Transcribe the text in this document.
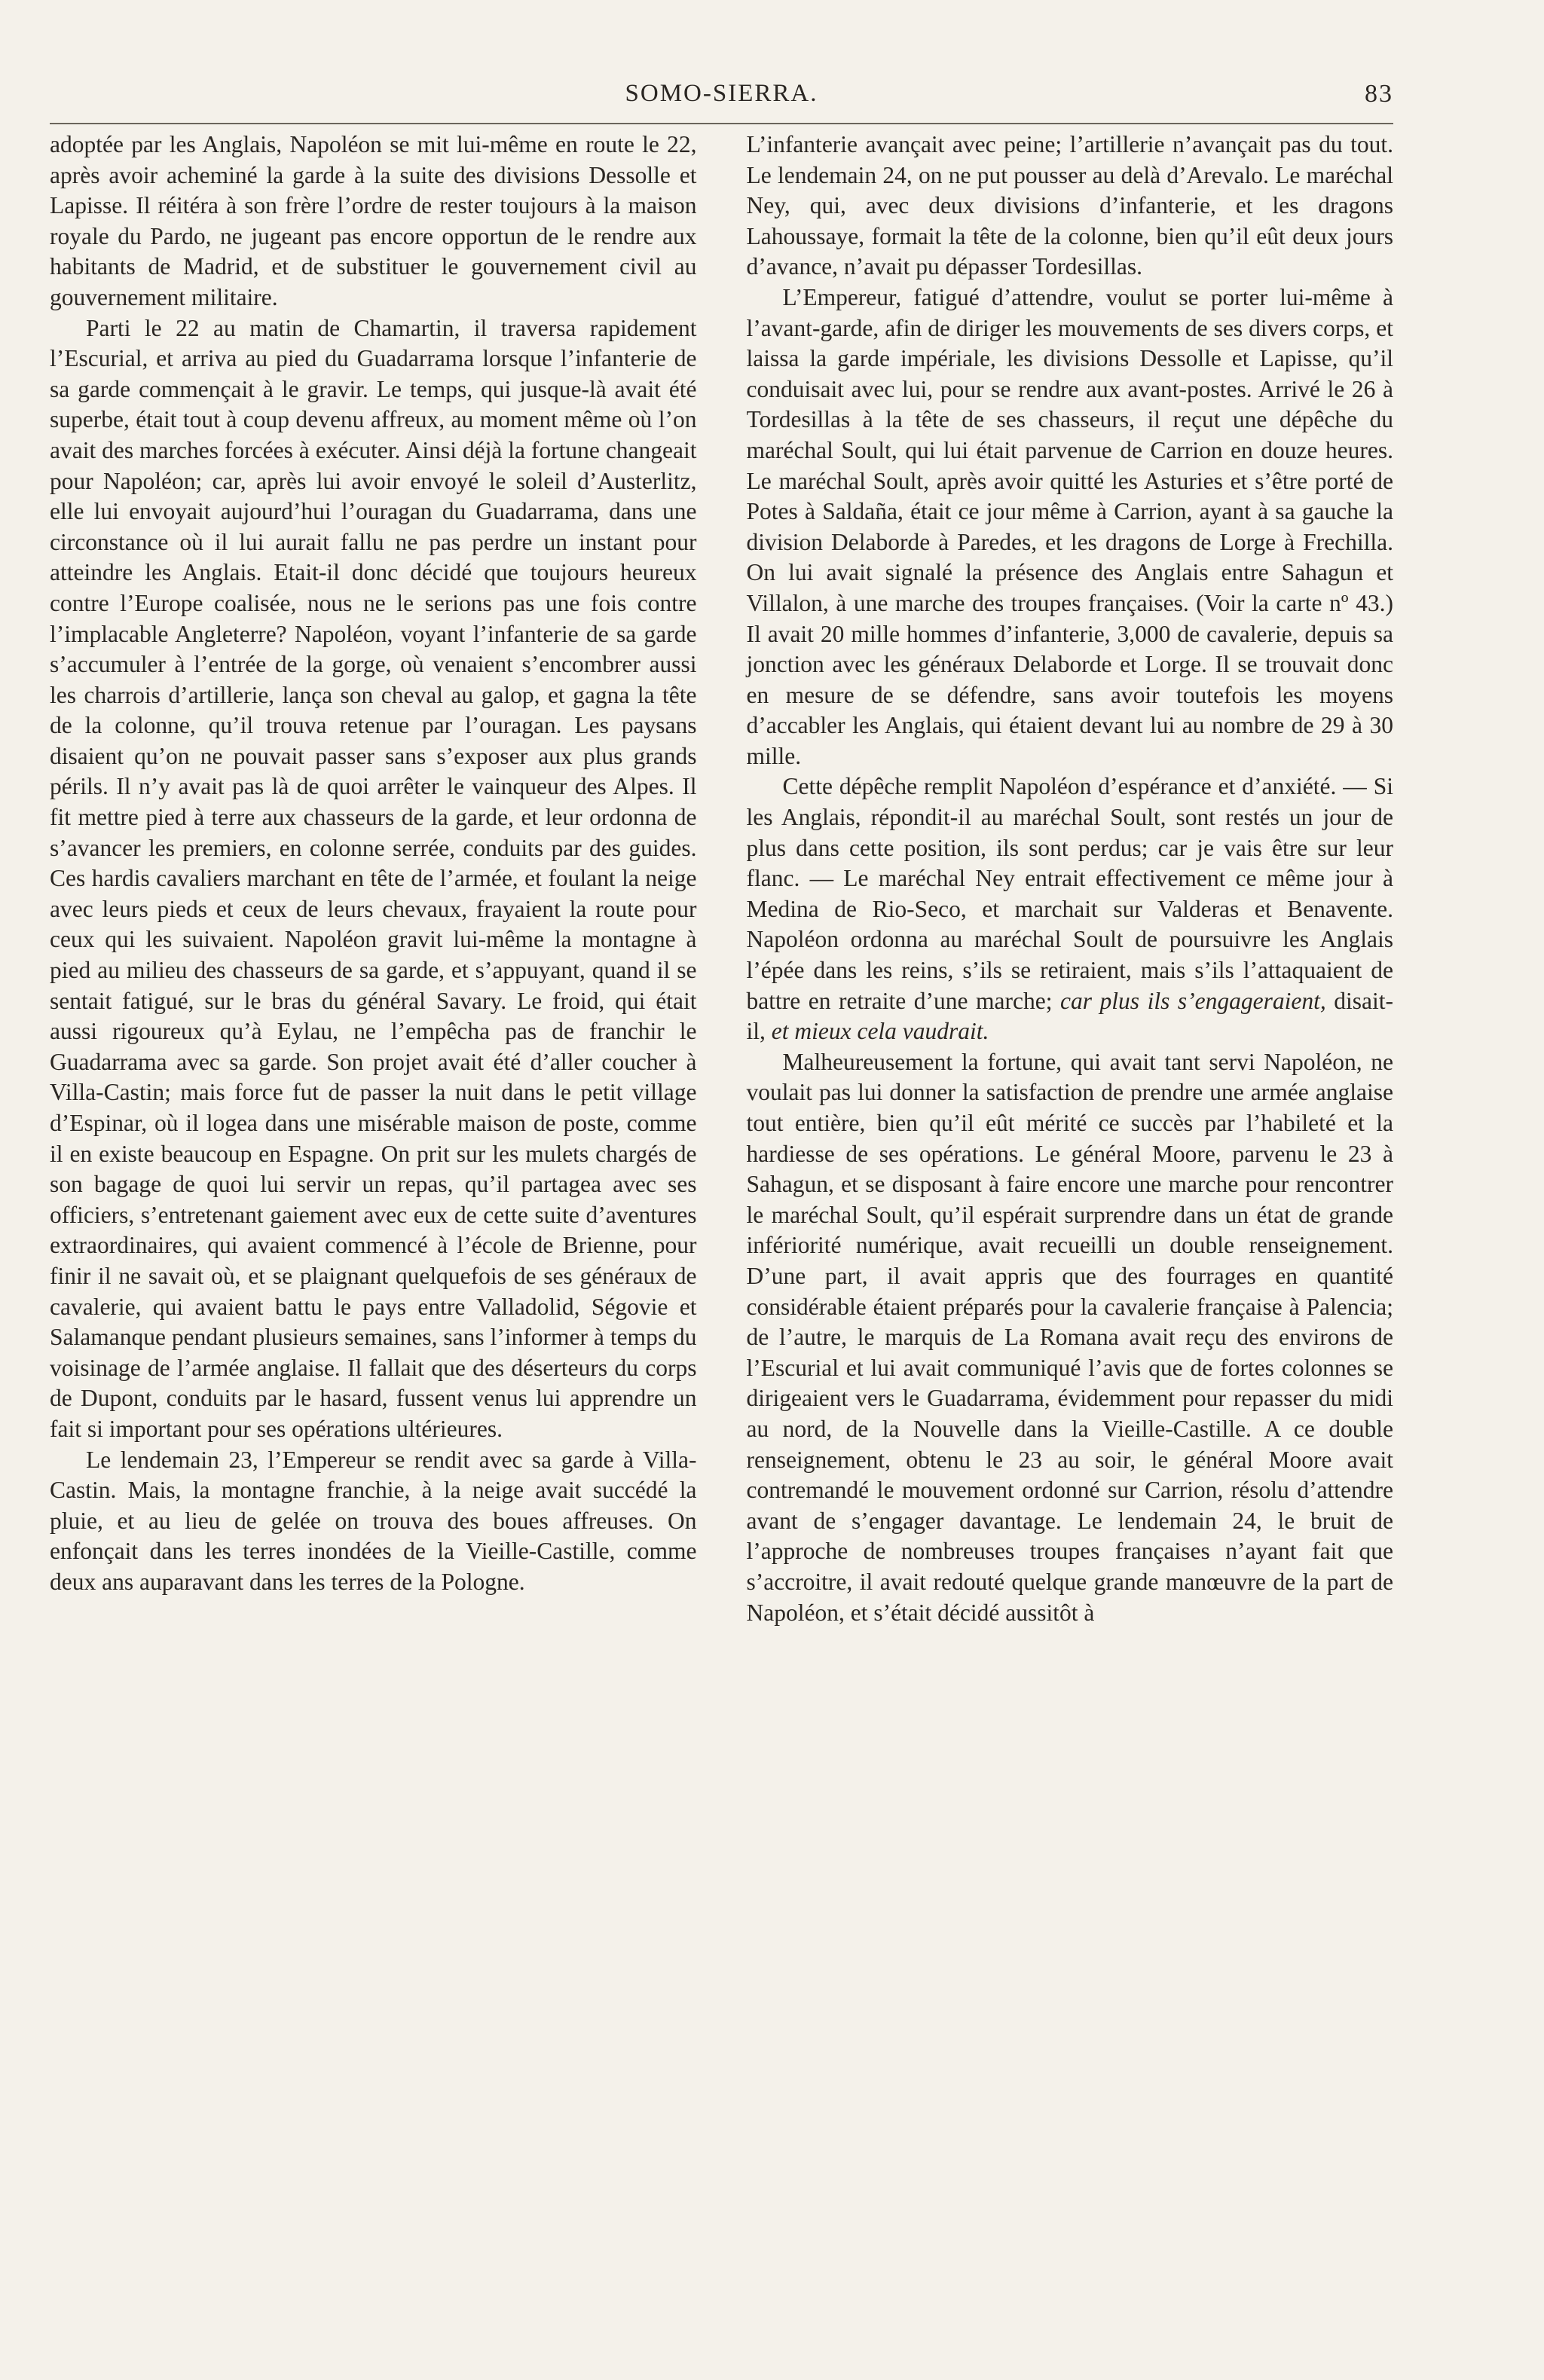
SOMO-SIERRA.	83

adoptée par les Anglais, Napoléon se mit lui-même en route le 22, après avoir acheminé la garde à la suite des divisions Dessolle et Lapisse. Il réitéra à son frère l’ordre de rester toujours à la maison royale du Pardo, ne jugeant pas encore opportun de le rendre aux habitants de Madrid, et de substituer le gouvernement civil au gouvernement militaire.

Parti le 22 au matin de Chamartin, il traversa rapidement l’Escurial, et arriva au pied du Guadarrama lorsque l’infanterie de sa garde commençait à le gravir. Le temps, qui jusque-là avait été superbe, était tout à coup devenu affreux, au moment même où l’on avait des marches forcées à exécuter. Ainsi déjà la fortune changeait pour Napoléon; car, après lui avoir envoyé le soleil d’Austerlitz, elle lui envoyait aujourd’hui l’ouragan du Guadarrama, dans une circonstance où il lui aurait fallu ne pas perdre un instant pour atteindre les Anglais. Etait-il donc décidé que toujours heureux contre l’Europe coalisée, nous ne le serions pas une fois contre l’implacable Angleterre? Napoléon, voyant l’infanterie de sa garde s’accumuler à l’entrée de la gorge, où venaient s’encombrer aussi les charrois d’artillerie, lança son cheval au galop, et gagna la tête de la colonne, qu’il trouva retenue par l’ouragan. Les paysans disaient qu’on ne pouvait passer sans s’exposer aux plus grands périls. Il n’y avait pas là de quoi arrêter le vainqueur des Alpes. Il fit mettre pied à terre aux chasseurs de la garde, et leur ordonna de s’avancer les premiers, en colonne serrée, conduits par des guides. Ces hardis cavaliers marchant en tête de l’armée, et foulant la neige avec leurs pieds et ceux de leurs chevaux, frayaient la route pour ceux qui les suivaient. Napoléon gravit lui-même la montagne à pied au milieu des chasseurs de sa garde, et s’appuyant, quand il se sentait fatigué, sur le bras du général Savary. Le froid, qui était aussi rigoureux qu’à Eylau, ne l’empêcha pas de franchir le Guadarrama avec sa garde. Son projet avait été d’aller coucher à Villa-Castin; mais force fut de passer la nuit dans le petit village d’Espinar, où il logea dans une misérable maison de poste, comme il en existe beaucoup en Espagne. On prit sur les mulets chargés de son bagage de quoi lui servir un repas, qu’il partagea avec ses officiers, s’entretenant gaiement avec eux de cette suite d’aventures extraordinaires, qui avaient commencé à l’école de Brienne, pour finir il ne savait où, et se plaignant quelquefois de ses généraux de cavalerie, qui avaient battu le pays entre Valladolid, Ségovie et Salamanque pendant plusieurs semaines, sans l’informer à temps du voisinage de l’armée anglaise. Il fallait que des déserteurs du corps de Dupont, conduits par le hasard, fussent venus lui apprendre un fait si important pour ses opérations ultérieures.

Le lendemain 23, l’Empereur se rendit avec sa garde à Villa-Castin. Mais, la montagne franchie, à la neige avait succédé la pluie, et au lieu de gelée on trouva des boues affreuses. On enfonçait dans les terres inondées de la Vieille-Castille, comme deux ans auparavant dans les terres de la Pologne.

L’infanterie avançait avec peine; l’artillerie n’avançait pas du tout. Le lendemain 24, on ne put pousser au delà d’Arevalo. Le maréchal Ney, qui, avec deux divisions d’infanterie, et les dragons Lahoussaye, formait la tête de la colonne, bien qu’il eût deux jours d’avance, n’avait pu dépasser Tordesillas.

L’Empereur, fatigué d’attendre, voulut se porter lui-même à l’avant-garde, afin de diriger les mouvements de ses divers corps, et laissa la garde impériale, les divisions Dessolle et Lapisse, qu’il conduisait avec lui, pour se rendre aux avant-postes. Arrivé le 26 à Tordesillas à la tête de ses chasseurs, il reçut une dépêche du maréchal Soult, qui lui était parvenue de Carrion en douze heures. Le maréchal Soult, après avoir quitté les Asturies et s’être porté de Potes à Saldaña, était ce jour même à Carrion, ayant à sa gauche la division Delaborde à Paredes, et les dragons de Lorge à Frechilla. On lui avait signalé la présence des Anglais entre Sahagun et Villalon, à une marche des troupes françaises. (Voir la carte nº 43.) Il avait 20 mille hommes d’infanterie, 3,000 de cavalerie, depuis sa jonction avec les généraux Delaborde et Lorge. Il se trouvait donc en mesure de se défendre, sans avoir toutefois les moyens d’accabler les Anglais, qui étaient devant lui au nombre de 29 à 30 mille.

Cette dépêche remplit Napoléon d’espérance et d’anxiété. — Si les Anglais, répondit-il au maréchal Soult, sont restés un jour de plus dans cette position, ils sont perdus; car je vais être sur leur flanc. — Le maréchal Ney entrait effectivement ce même jour à Medina de Rio-Seco, et marchait sur Valderas et Benavente. Napoléon ordonna au maréchal Soult de poursuivre les Anglais l’épée dans les reins, s’ils se retiraient, mais s’ils l’attaquaient de battre en retraite d’une marche; car plus ils s’engageraient, disait-il, et mieux cela vaudrait.

Malheureusement la fortune, qui avait tant servi Napoléon, ne voulait pas lui donner la satisfaction de prendre une armée anglaise tout entière, bien qu’il eût mérité ce succès par l’habileté et la hardiesse de ses opérations. Le général Moore, parvenu le 23 à Sahagun, et se disposant à faire encore une marche pour rencontrer le maréchal Soult, qu’il espérait surprendre dans un état de grande infériorité numérique, avait recueilli un double renseignement. D’une part, il avait appris que des fourrages en quantité considérable étaient préparés pour la cavalerie française à Palencia; de l’autre, le marquis de La Romana avait reçu des environs de l’Escurial et lui avait communiqué l’avis que de fortes colonnes se dirigeaient vers le Guadarrama, évidemment pour repasser du midi au nord, de la Nouvelle dans la Vieille-Castille. A ce double renseignement, obtenu le 23 au soir, le général Moore avait contremandé le mouvement ordonné sur Carrion, résolu d’attendre avant de s’engager davantage. Le lendemain 24, le bruit de l’approche de nombreuses troupes françaises n’ayant fait que s’accroitre, il avait redouté quelque grande manœuvre de la part de Napoléon, et s’était décidé aussitôt à
